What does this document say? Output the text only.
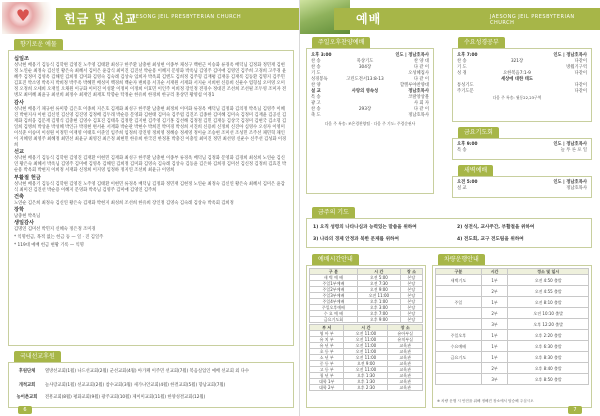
♥	헌금 및 선교
JAESONG JEIL PRESBYTERIAN CHURCH
향기로운 예물
십일조
성낙현 배용기 김동식 김학변 김영진 노주영 김태환 최성구 한주환 남충현 최성현 이종부 채성구 백현근 이승화 류경옥 배덕님 김정화 정민재 김현정 노연순 최정숙 김신연 황은숙 최혜서 김미은 윤갑식 최미진 김진선 박순용 이혜지 문영화 박옥님 김영주 김미애 김영연 김주희 고경희 고주경 윤혜주 김정미 김영옥 김해연 김희정 김미화 김영숙 김숙례 김상숙 임희자 박옥회 김엔도 김희정 김주형 김재평 김재웅 김재록 김동환 김명지 김주민 김효진 박소영 박옥지 박희정 박주옥 박혜민 배성미 백경희 백순자 변희용 서귀순 서재원 서재화 서지순 서희현 신용희 신운수 염형섭 오미영 오미정 오정희 오세희 오재일 오채원 이규화 이미진 이성환 이정미 이정희 이효민 이인주 이희정 장인정 전경수 정대진 조선희 조선필 조두영 조미자 전병모 최미혜 최윤규 최선희 최정수 최재인 최재호 탁향순 탁정순 한유희 한경희 한규리 홍상민 황영섭 이경1
감사
성낙현 배용기 채규현 류미향 김은호 이종희 지은호 김재화 최성구 한주환 남충현 최정희 이미화 류경옥 배덕님 김정화 김의정 박옥님 김영주 이혜진 박현지사 이현 김신연 김신영 김진영 김정배 김두래 박순용 문영화 김현태 김미숙 김주엽 김진조 김종한 김미혜 김미숙 김정미 김재윤 김공신 김재화 김희웅 김문재 김명식 김충현 김영수 김효진 김태욱 김정란 김지현 김주영 김기홍 김선해 김정철 김민 김재동 김상국 김경미 김현국 김소형 김일희 김병희 박상윤 박성혜 박인규 박경현 변서운 서재화 박순관 박현수 박희진 박미경 박성희 서진희 신용희 신정희 신진아 심영수 오성자 이영미 이석준 이승미 이성원 이정민 이재영 이태호 이준일 임주희 임정희 장진영 정희영 정혜승 정세영 정이슬 조승현 조미선 조성민 조주선 채민혁 채인이 지혜영 최영주 최혜정 최민선 최윤규 최영진 최은정 최현민 한유희 한국진 한정훈 박충진 이충일 최미진 정민 최선영 신운수 신주선 김성화 이경희
선교
성낙현 배용기 김동식 김학변 김영진 김재환 이현민 김재화 최성구 한주환 남충현 이종부 류경옥 배덕님 김정화 문영화 김경희 최성희 노연순 김신연 황은숙 최혜서 박옥님 김영주 김미애 김영옥 김해연 김희정 김미화 김영숙 김숙례 김상숙 김동윤 김은하 김희경 김미선 김신정 김정희 김효진 박순용 박옥회 박현지 이희정 서재화 신정희 이지영 임정하 정지연 조선희 최윤규 이영희
부활절 헌금
성낙현 배용기 김동식 김학변 김영진 노주영 김태환 이현민 류경옥 배덕님 김정화 정민재 김현정 노연순 최정숙 김신연 황은숙 최혜서 김미은 윤갑식 최미진 김진선 박순용 이혜지 문영화 박옥님 김영주 김미애 김영연 김주희
건축
노연순 김은희 최정숙 김신연 황은숙 김재화 박현지 최성희 조선희 한유희 장인정 김영숙 김숙례 김상숙 박옥회 김희정
장학
남충현 박옥님
생일감사
김명연 김미선 박민지 신혜숙 정은정 조미경
* 익명헌금, 목적 없는 헌금 등 — 일 · 진 김일주
* 119대 예배 헌금 현황 기록 — 익명
국내선교후원
후원단체	열방선교회(1월) 나드선교회(2월) 군선교회(4월) 아가페 이주민 선교회(7월) 복음실업인 예배 선교회 외 다수
개척교회	늘사랑교회(1월) 선교교회(2월) 참수교회(3월) 새가나안교회(4월) 한결교회(5월) 향남교회(7월)
농어촌교회	전흥교회(8월) 평화교회(9월) 광주교회(10월) 제이미교회(11월) 한양성결교회(12월)
6
예배	JAESONG JEIL PRESBYTERIAN CHURCH
주일오후찬양예배
오후 3:00	인도 | 정남호목사
찬 송	묵상기도	찬 양 대
찬 송	304장	다 같 이
기 도	오성혜집사
성경봉독	고린도전서13:8-13	다 같 이
찬 양	할렐루야찬양대
설 교	사랑의 영속성	정남호목사
특 송	코랄앙상블
광 고	사 회 자
찬 송	293장	다 같 이
축 도	정남호목사
다음 주 특송: 조은경찬양팀 · 다음 주 기도: 주경순권사
수요성경공부
오후 7:00	인도 | 정남호목사
찬 송	321장	다같이
기 도	방월기구역
성 경	요한복음7:1-9	다같이
세상에 대한 태도
통성기도	다같이
주기도문	다같이
다음 주 특송: 윗동22,23구역
금요기도회
오후 9:00	인도 | 정남호목사
특 송	늘 푸 른 포 일
새벽예배
오전 5:00	인도 | 정남호목사
설 교	정남호목사
금주의 기도
1) 오직 성령의 나타나심과 능력있는 말씀을 위하여	2) 성전식, 교사주간, 부활절을 위하여
3) 나라의 경제 안정과 북한 문제를 위하여	4) 전도회, 교구 전도팀을 위하여
예배시간안내
구 분	시 간	장 소
새 벽 예 배	오전 5:00	본당
주일1부예배	오전 7:30	본당
주일2부예배	오전 9:00	본당
주일3부예배	오전 11:00	본당
주일4부예배	오후 1:00	본당
주일오후예배	오후 3:00	본당
수 요 예 배	오후 7:00	본당
금요기도회	오후 9:00	본당
부 서	시 간	장 소
영 아 부	오전 11:00	유아부실
유 치 부	오전 11:00	유치부실
유 년 부	오전 11:00	교육관
초 등 부	오전 11:00	교육관
소 년 부	오전 11:00	교육관
중 등 부	오전 9:00	교육관
고 등 부	오전 11:00	교육관
청 년 부	오후 1:30	교육관
대학 1부	오후 1:30	교육관
대학 2부	오후 2:30	교육관
차량운행안내
구분	시간	정소 및 일시
새벽기도	1부	오전 4:50 출발
	2부	오전 4:55 출발
주일	1부	오전 8:10 출발
	2부	오전 10:10 출발
	3부	오후 12:20 출발
주일오후	1부	오후 2:20 출발
수요예배	1부	오후 6:30 출발
금요기도	1부	오후 8:30 출발
	2부	오후 8:40 출발
	3부	오후 8:50 출발
※ 차량 운행 시 안전을 위해 정해진 장소에서 탑승해 주십시오
7
